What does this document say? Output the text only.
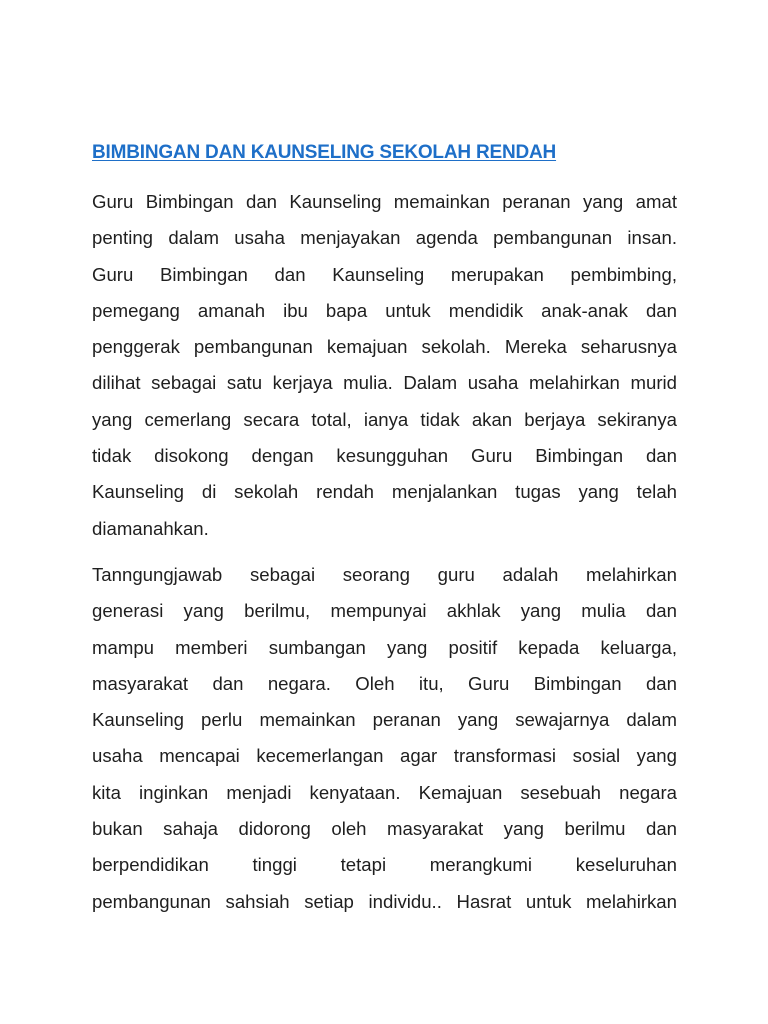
BIMBINGAN DAN KAUNSELING SEKOLAH RENDAH

Guru Bimbingan dan Kaunseling memainkan peranan yang amat
penting dalam usaha menjayakan agenda pembangunan insan.
Guru Bimbingan dan Kaunseling merupakan pembimbing,
pemegang amanah ibu bapa untuk mendidik anak-anak dan
penggerak pembangunan kemajuan sekolah. Mereka seharusnya
dilihat sebagai satu kerjaya mulia. Dalam usaha melahirkan murid
yang cemerlang secara total, ianya tidak akan berjaya sekiranya
tidak disokong dengan kesungguhan Guru Bimbingan dan
Kaunseling di sekolah rendah menjalankan tugas yang telah
diamanahkan.

Tanngungjawab sebagai seorang guru adalah melahirkan
generasi yang berilmu, mempunyai akhlak yang mulia dan
mampu memberi sumbangan yang positif kepada keluarga,
masyarakat dan negara. Oleh itu, Guru Bimbingan dan
Kaunseling perlu memainkan peranan yang sewajarnya dalam
usaha mencapai kecemerlangan agar transformasi sosial yang
kita inginkan menjadi kenyataan. Kemajuan sesebuah negara
bukan sahaja didorong oleh masyarakat yang berilmu dan
berpendidikan tinggi tetapi merangkumi keseluruhan
pembangunan sahsiah setiap individu.. Hasrat untuk melahirkan
